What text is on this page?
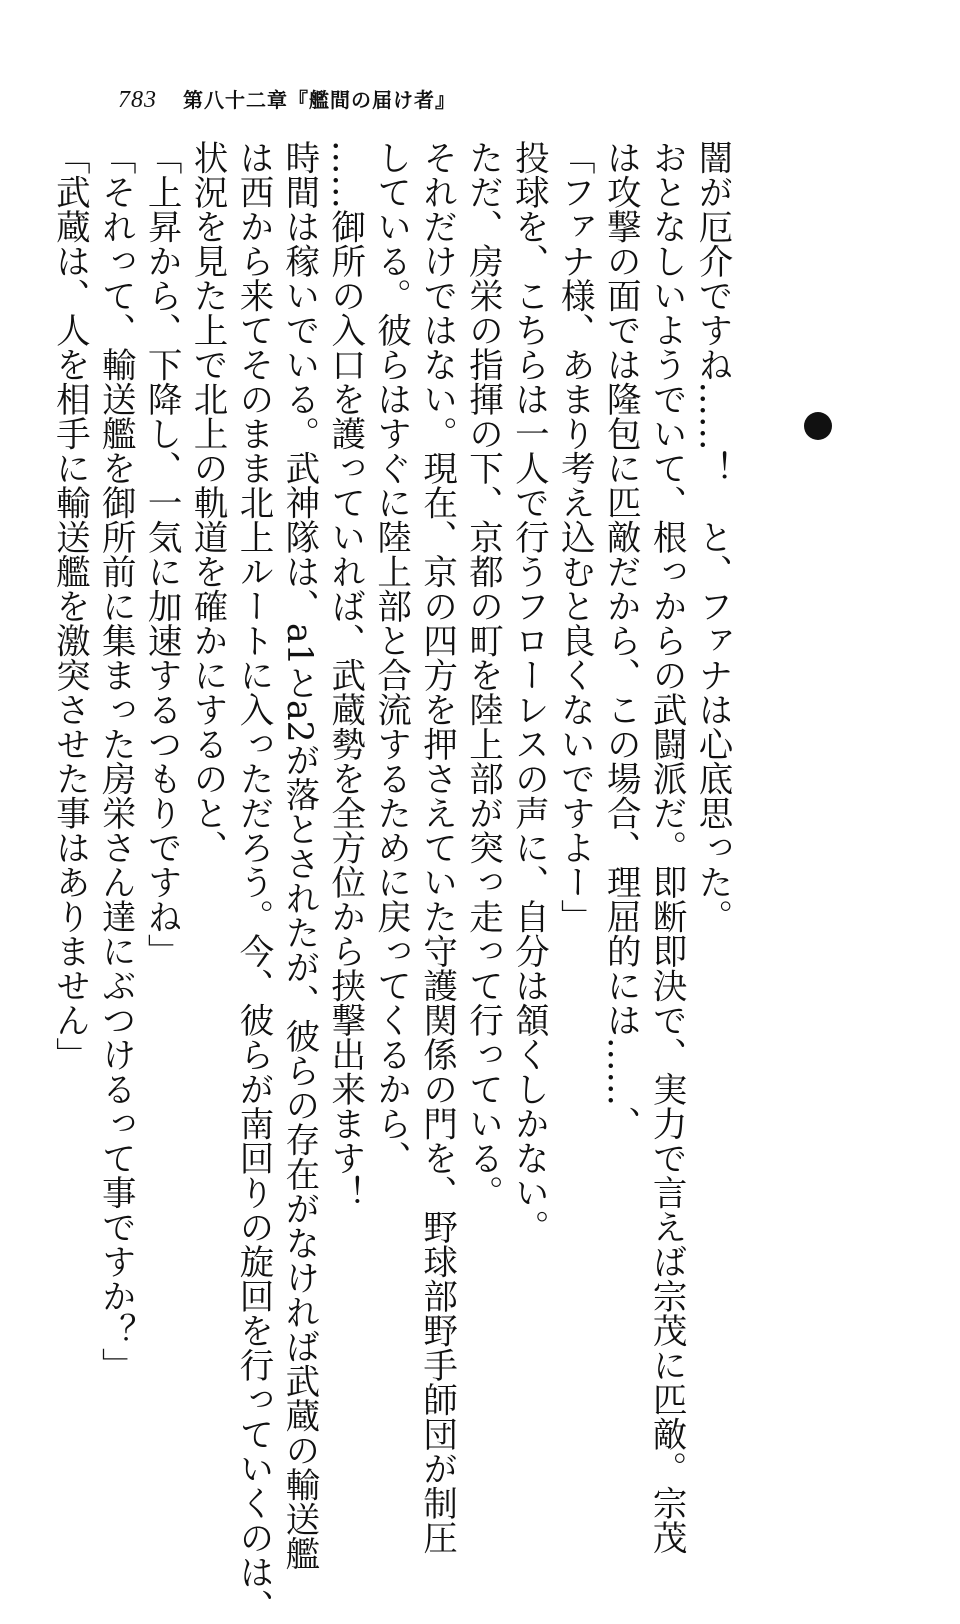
783 第八十二章『艦間の届け者』
闇が厄介ですね……！　と、ファナは心底思った。
おとなしいようでいて、根っからの武闘派だ。即断即決で、実力で言えば宗茂に匹敵。宗茂
は攻撃の面では隆包に匹敵だから、この場合、理屈的には……、
「ファナ様、あまり考え込むと良くないですよー」
投球を、こちらは一人で行うフローレスの声に、自分は頷くしかない。
ただ、房栄の指揮の下、京都の町を陸上部が突っ走って行っている。
それだけではない。現在、京の四方を押さえていた守護関係の門を、野球部野手師団が制圧
している。彼らはすぐに陸上部と合流するために戻ってくるから、
……御所の入口を護っていれば、武蔵勢を全方位から挟撃出来ます！
時間は稼いでいる。武神隊は、a1とa2が落とされたが、彼らの存在がなければ武蔵の輸送艦
は西から来てそのまま北上ルートに入っただろう。今、彼らが南回りの旋回を行っていくのは、
状況を見た上で北上の軌道を確かにするのと、
「上昇から、下降し、一気に加速するつもりですね」
「それって、輸送艦を御所前に集まった房栄さん達にぶつけるって事ですか？」
「武蔵は、人を相手に輸送艦を激突させた事はありません」
